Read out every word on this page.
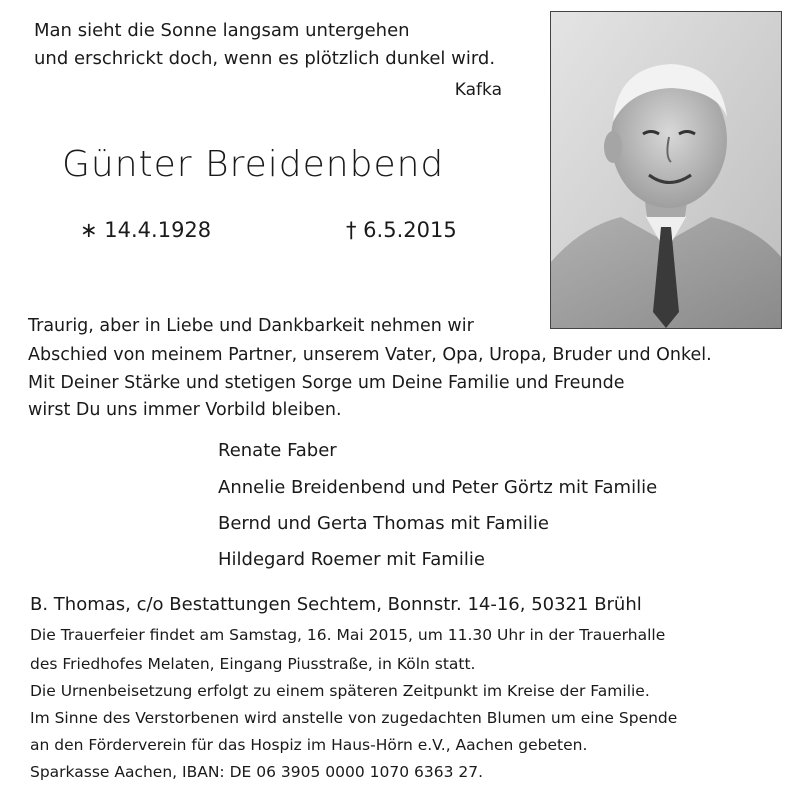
Man sieht die Sonne langsam untergehen
und erschrickt doch, wenn es plötzlich dunkel wird.
Kafka
Günter Breidenbend
∗ 14.4.1928	† 6.5.2015
Traurig, aber in Liebe und Dankbarkeit nehmen wir
Abschied von meinem Partner, unserem Vater, Opa, Uropa, Bruder und Onkel.
Mit Deiner Stärke und stetigen Sorge um Deine Familie und Freunde
wirst Du uns immer Vorbild bleiben.
Renate Faber
Annelie Breidenbend und Peter Görtz mit Familie
Bernd und Gerta Thomas mit Familie
Hildegard Roemer mit Familie
B. Thomas, c/o Bestattungen Sechtem, Bonnstr. 14-16, 50321 Brühl
Die Trauerfeier findet am Samstag, 16. Mai 2015, um 11.30 Uhr in der Trauerhalle
des Friedhofes Melaten, Eingang Piusstraße, in Köln statt.
Die Urnenbeisetzung erfolgt zu einem späteren Zeitpunkt im Kreise der Familie.
Im Sinne des Verstorbenen wird anstelle von zugedachten Blumen um eine Spende
an den Förderverein für das Hospiz im Haus-Hörn e.V., Aachen gebeten.
Sparkasse Aachen, IBAN: DE 06 3905 0000 1070 6363 27.
